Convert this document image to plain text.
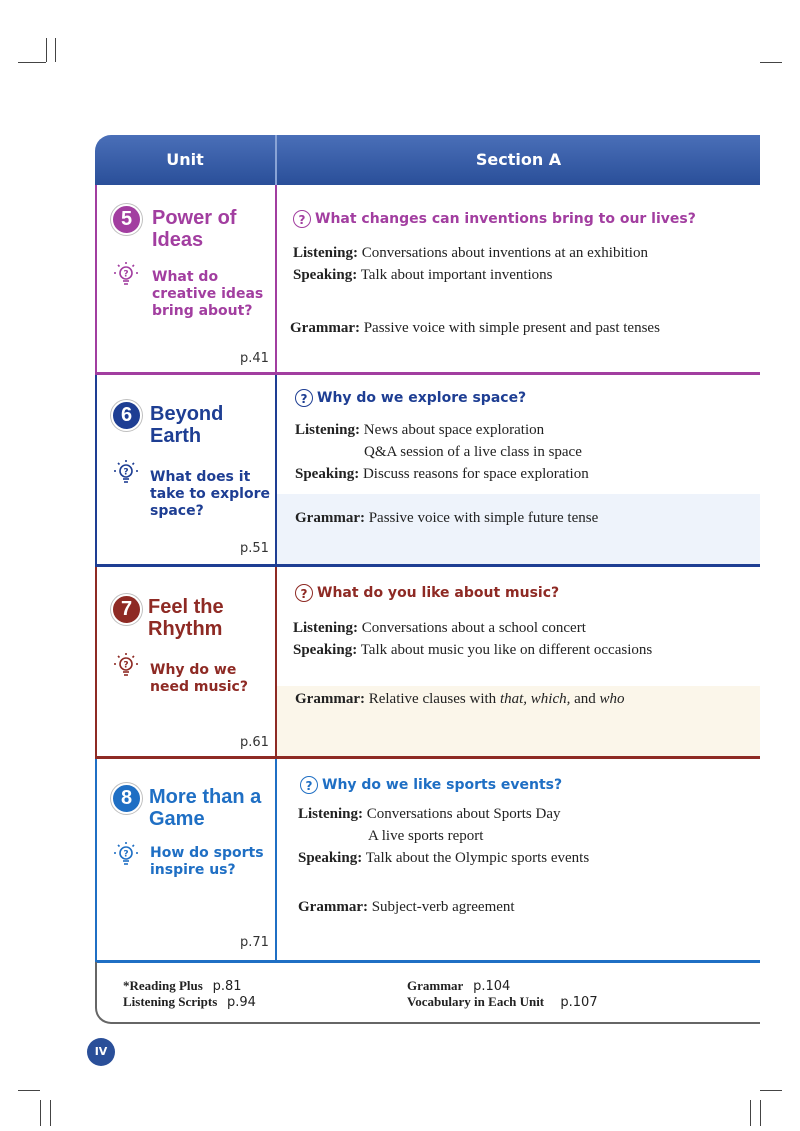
Unit	Section A
5 Power of
Ideas
? What do
creative ideas
bring about?
p.41
? What changes can inventions bring to our lives?
Listening: Conversations about inventions at an exhibition
Speaking: Talk about important inventions
Grammar: Passive voice with simple present and past tenses
6 Beyond
Earth
? What does it
take to explore
space?
p.51
? Why do we explore space?
Listening: News about space exploration
Q&A session of a live class in space
Speaking: Discuss reasons for space exploration
Grammar: Passive voice with simple future tense
7 Feel the
Rhythm
? Why do we
need music?
p.61
? What do you like about music?
Listening: Conversations about a school concert
Speaking: Talk about music you like on different occasions
Grammar: Relative clauses with that, which, and who
8 More than a
Game
? How do sports
inspire us?
p.71
? Why do we like sports events?
Listening: Conversations about Sports Day
A live sports report
Speaking: Talk about the Olympic sports events
Grammar: Subject-verb agreement
*Reading Plus p.81
Listening Scripts p.94
Grammar p.104
Vocabulary in Each Unit p.107
IV
